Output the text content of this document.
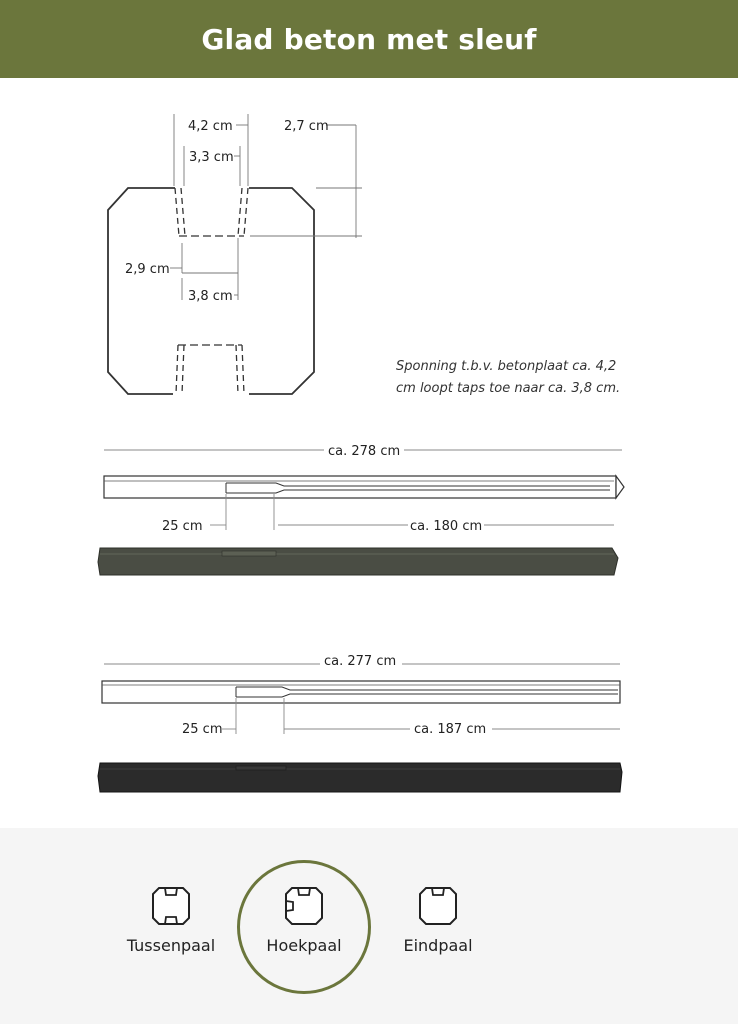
Glad beton met sleuf
4,2 cm
3,3 cm
2,7 cm
2,9 cm
3,8 cm
Sponning t.b.v. betonplaat ca. 4,2
cm loopt taps toe naar ca. 3,8 cm.
ca. 278 cm
25 cm	ca. 180 cm
ca. 277 cm
25 cm	ca. 187 cm
Tussenpaal	Hoekpaal	Eindpaal
